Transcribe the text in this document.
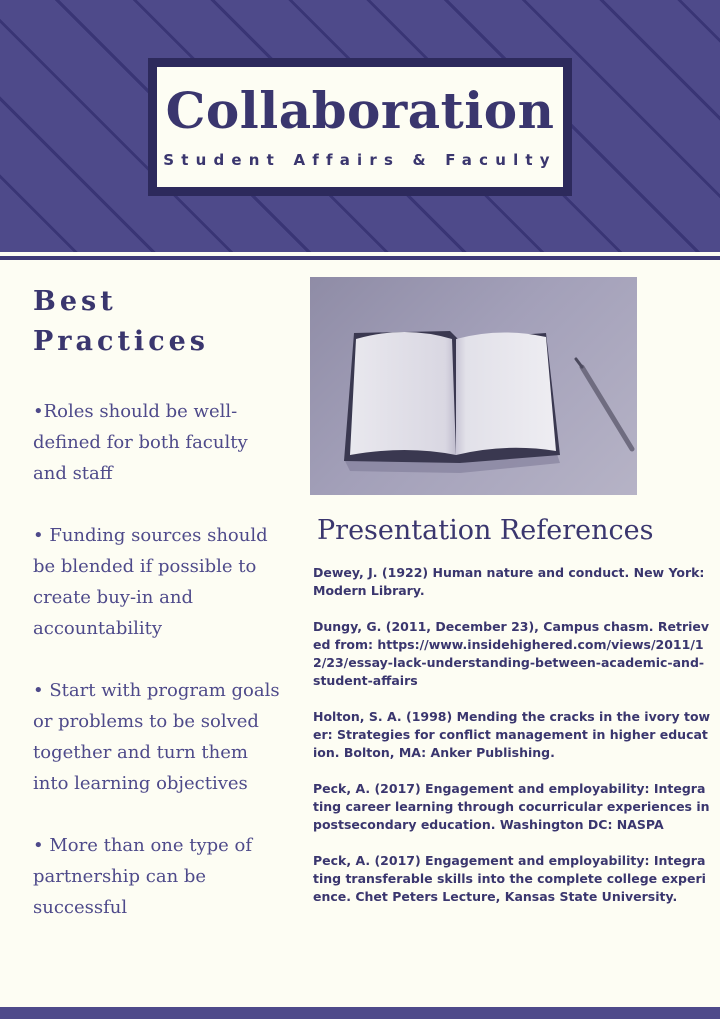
Collaboration
Student Affairs & Faculty
Best
Practices
•Roles should be well-defined for both faculty and staff
• Funding sources should be blended if possible to create buy-in and accountability
• Start with program goals or problems to be solved together and turn them into learning objectives
• More than one type of partnership can be successful
Presentation References
Dewey, J. (1922) Human nature and conduct. New York: Modern Library.
Dungy, G. (2011, December 23), Campus chasm. Retrieved from: https://www.insidehighered.com/views/2011/12/23/essay-lack-understanding-between-academic-and-student-affairs
Holton, S. A. (1998) Mending the cracks in the ivory tower: Strategies for conflict management in higher education. Bolton, MA: Anker Publishing.
Peck, A. (2017) Engagement and employability: Integrating career learning through cocurricular experiences in postsecondary education. Washington DC: NASPA
Peck, A. (2017) Engagement and employability: Integrating transferable skills into the complete college experience. Chet Peters Lecture, Kansas State University.
